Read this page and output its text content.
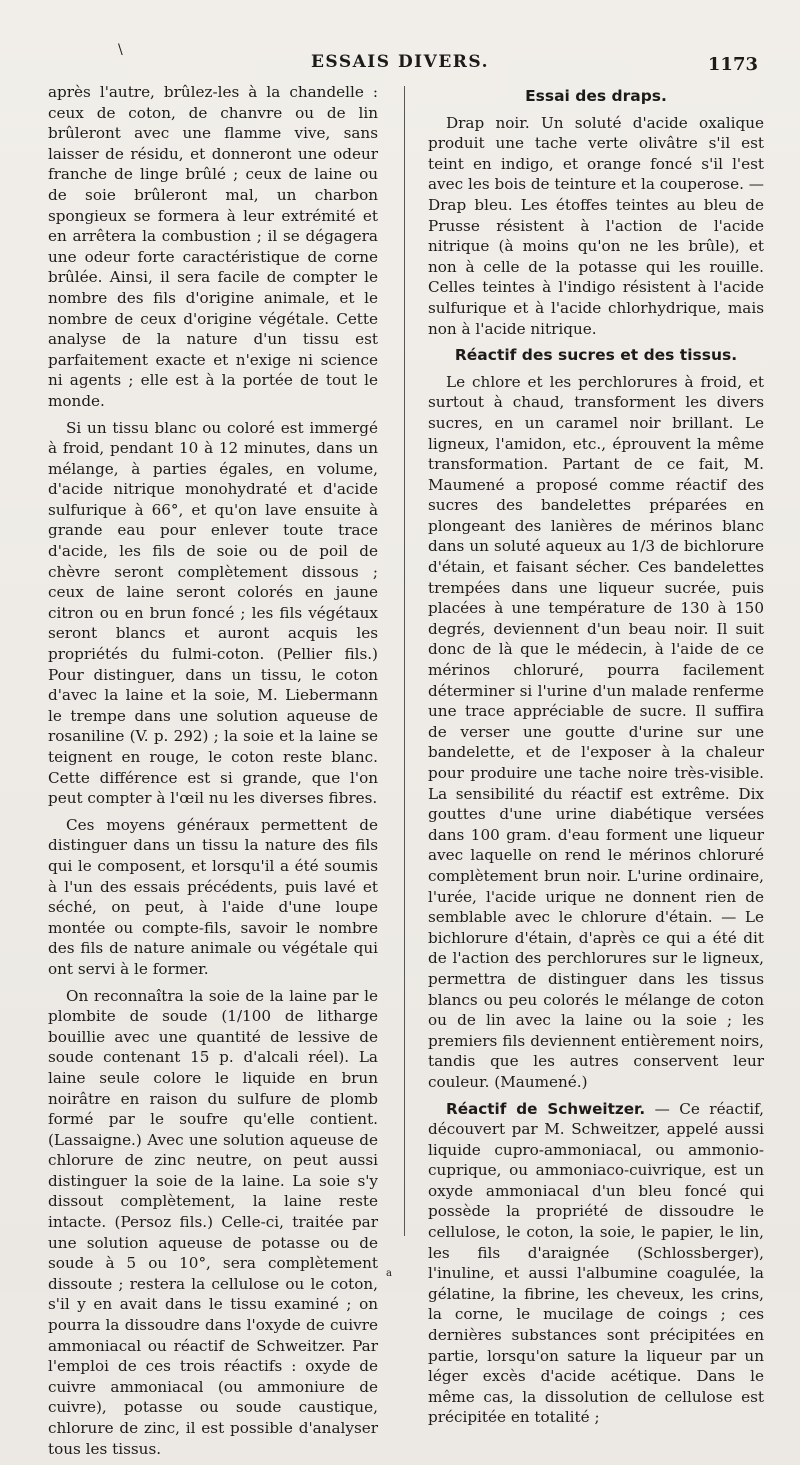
\
ESSAIS DIVERS.	1173

après l'autre, brûlez-les à la chandelle : ceux de coton, de chanvre ou de lin brûleront avec une flamme vive, sans laisser de résidu, et donneront une odeur franche de linge brûlé ; ceux de laine ou de soie brûleront mal, un charbon spongieux se formera à leur extrémité et en arrêtera la combustion ; il se dégagera une odeur forte caractéristique de corne brûlée. Ainsi, il sera facile de compter le nombre des fils d'origine animale, et le nombre de ceux d'origine végétale. Cette analyse de la nature d'un tissu est parfaitement exacte et n'exige ni science ni agents ; elle est à la portée de tout le monde.

Si un tissu blanc ou coloré est immergé à froid, pendant 10 à 12 minutes, dans un mélange, à parties égales, en volume, d'acide nitrique monohydraté et d'acide sulfurique à 66°, et qu'on lave ensuite à grande eau pour enlever toute trace d'acide, les fils de soie ou de poil de chèvre seront complètement dissous ; ceux de laine seront colorés en jaune citron ou en brun foncé ; les fils végétaux seront blancs et auront acquis les propriétés du fulmi-coton. (Pellier fils.) Pour distinguer, dans un tissu, le coton d'avec la laine et la soie, M. Liebermann le trempe dans une solution aqueuse de rosaniline (V. p. 292) ; la soie et la laine se teignent en rouge, le coton reste blanc. Cette différence est si grande, que l'on peut compter à l'œil nu les diverses fibres.

Ces moyens généraux permettent de distinguer dans un tissu la nature des fils qui le composent, et lorsqu'il a été soumis à l'un des essais précédents, puis lavé et séché, on peut, à l'aide d'une loupe montée ou compte-fils, savoir le nombre des fils de nature animale ou végétale qui ont servi à le former.

On reconnaîtra la soie de la laine par le plombite de soude (1/100 de litharge bouillie avec une quantité de lessive de soude contenant 15 p. d'alcali réel). La laine seule colore le liquide en brun noirâtre en raison du sulfure de plomb formé par le soufre qu'elle contient. (Lassaigne.) Avec une solution aqueuse de chlorure de zinc neutre, on peut aussi distinguer la soie de la laine. La soie s'y dissout complètement, la laine reste intacte. (Persoz fils.) Celle-ci, traitée par une solution aqueuse de potasse ou de soude à 5 ou 10°, sera complètement dissoute ; restera la cellulose ou le coton, s'il y en avait dans le tissu examiné ; on pourra la dissoudre dans l'oxyde de cuivre ammoniacal ou réactif de Schweitzer. Par l'emploi de ces trois réactifs : oxyde de cuivre ammoniacal (ou ammoniure de cuivre), potasse ou soude caustique, chlorure de zinc, il est possible d'analyser tous les tissus.

Essai des draps.

Drap noir. Un soluté d'acide oxalique produit une tache verte olivâtre s'il est teint en indigo, et orange foncé s'il l'est avec les bois de teinture et la couperose. — Drap bleu. Les étoffes teintes au bleu de Prusse résistent à l'action de l'acide nitrique (à moins qu'on ne les brûle), et non à celle de la potasse qui les rouille. Celles teintes à l'indigo résistent à l'acide sulfurique et à l'acide chlorhydrique, mais non à l'acide nitrique.

Réactif des sucres et des tissus.

Le chlore et les perchlorures à froid, et surtout à chaud, transforment les divers sucres, en un caramel noir brillant. Le ligneux, l'amidon, etc., éprouvent la même transformation. Partant de ce fait, M. Maumené a proposé comme réactif des sucres des bandelettes préparées en plongeant des lanières de mérinos blanc dans un soluté aqueux au 1/3 de bichlorure d'étain, et faisant sécher. Ces bandelettes trempées dans une liqueur sucrée, puis placées à une température de 130 à 150 degrés, deviennent d'un beau noir. Il suit donc de là que le médecin, à l'aide de ce mérinos chloruré, pourra facilement déterminer si l'urine d'un malade renferme une trace appréciable de sucre. Il suffira de verser une goutte d'urine sur une bandelette, et de l'exposer à la chaleur pour produire une tache noire très-visible. La sensibilité du réactif est extrême. Dix gouttes d'une urine diabétique versées dans 100 gram. d'eau forment une liqueur avec laquelle on rend le mérinos chloruré complètement brun noir. L'urine ordinaire, l'urée, l'acide urique ne donnent rien de semblable avec le chlorure d'étain. — Le bichlorure d'étain, d'après ce qui a été dit de l'action des perchlorures sur le ligneux, permettra de distinguer dans les tissus blancs ou peu colorés le mélange de coton ou de lin avec la laine ou la soie ; les premiers fils deviennent entièrement noirs, tandis que les autres conservent leur couleur. (Maumené.)

Réactif de Schweitzer. — Ce réactif, découvert par M. Schweitzer, appelé aussi liquide cupro-ammoniacal, ou ammonio-cuprique, ou ammoniaco-cuivrique, est un oxyde ammoniacal d'un bleu foncé qui possède la propriété de dissoudre le cellulose, le coton, la soie, le papier, le lin, les fils d'araignée (Schlossberger), l'inuline, et aussi l'albumine coagulée, la gélatine, la fibrine, les cheveux, les crins, la corne, le mucilage de coings ; ces dernières substances sont précipitées en partie, lorsqu'on sature la liqueur par un léger excès d'acide acétique. Dans le même cas, la dissolution de cellulose est précipitée en totalité ;

a
